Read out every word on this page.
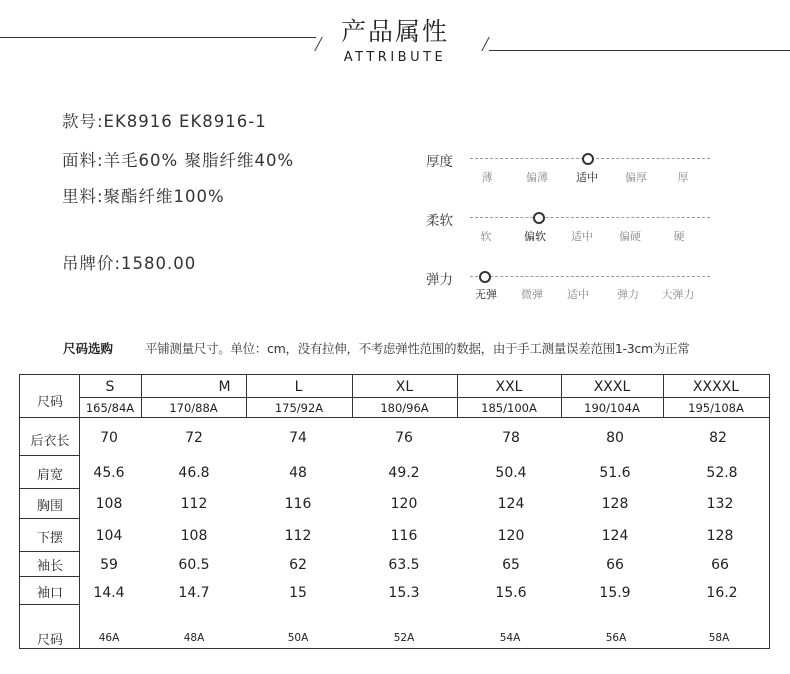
产品属性
ATTRIBUTE
款号:EK8916 EK8916-1
面料:羊毛60% 聚脂纤维40%
里料:聚酯纤维100%
吊牌价:1580.00
厚度
薄	偏薄	适中	偏厚	厚
柔软
软	偏软	适中	偏硬	硬
弹力
无弹	微弹	适中	弹力	大弹力
尺码选购	平铺测量尺寸。单位：cm，没有拉伸，不考虑弹性范围的数据，由于手工测量误差范围1-3cm为正常
尺码
S	M	L	XL	XXL	XXXL	XXXXL
165/84A	170/88A	175/92A	180/96A	185/100A	190/104A	195/108A
后衣长	70	72	74	76	78	80	82
肩宽	45.6	46.8	48	49.2	50.4	51.6	52.8
胸围	108	112	116	120	124	128	132
下摆	104	108	112	116	120	124	128
袖长	59	60.5	62	63.5	65	66	66
袖口	14.4	14.7	15	15.3	15.6	15.9	16.2
尺码	46A	48A	50A	52A	54A	56A	58A
